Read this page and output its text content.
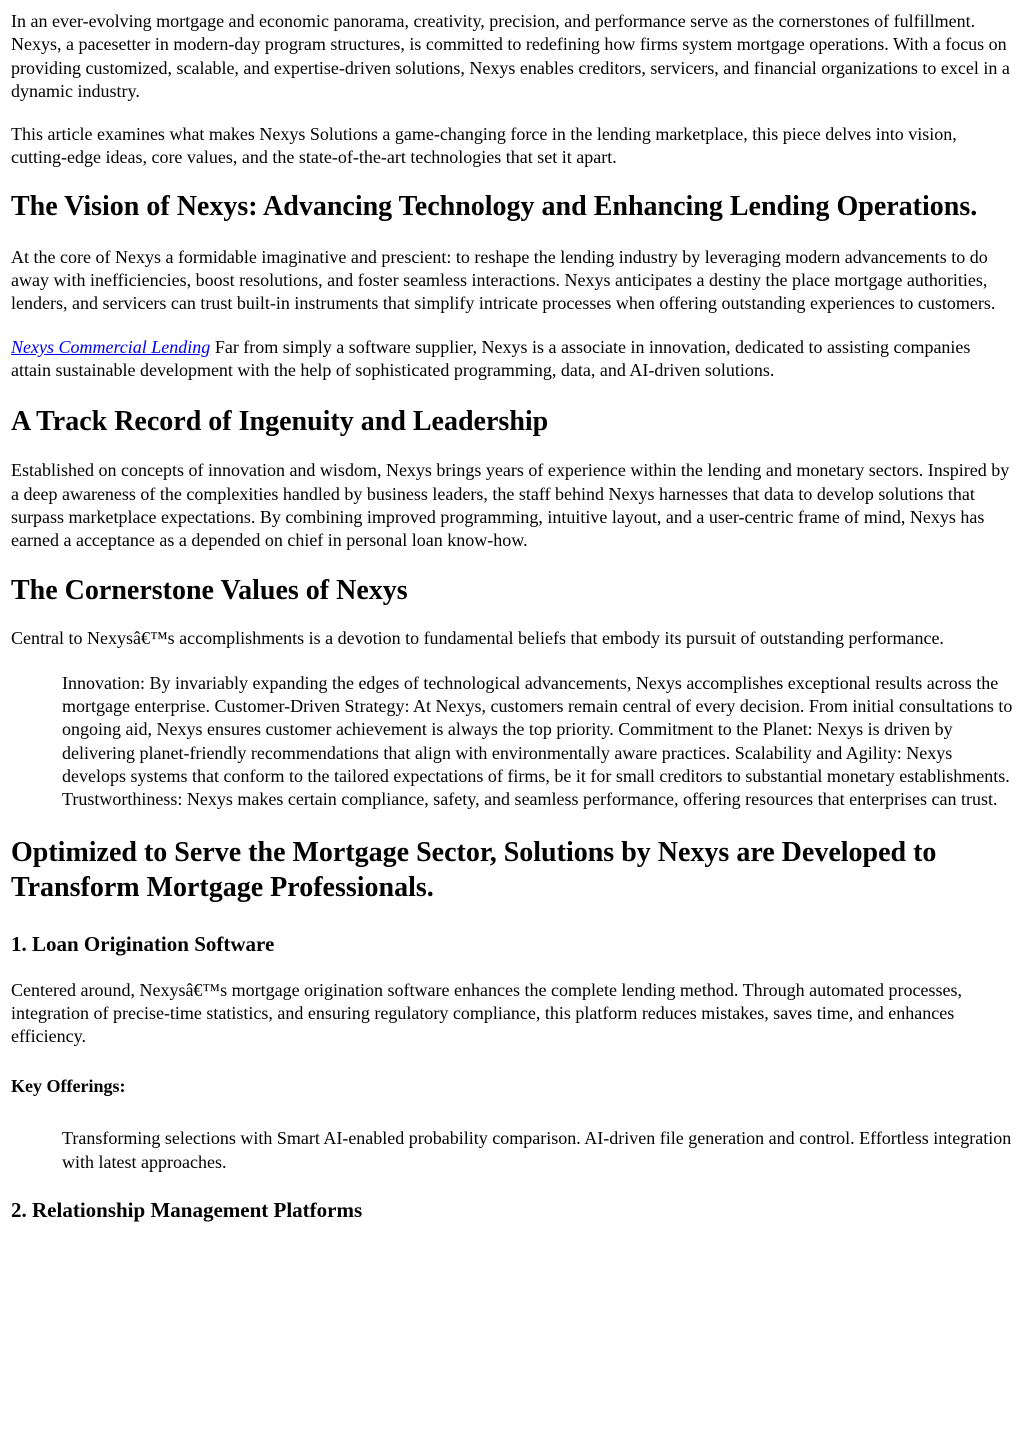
In an ever-evolving mortgage and economic panorama, creativity, precision, and performance serve as the cornerstones of fulfillment. Nexys, a pacesetter in modern-day program structures, is committed to redefining how firms system mortgage operations. With a focus on providing customized, scalable, and expertise-driven solutions, Nexys enables creditors, servicers, and financial organizations to excel in a dynamic industry.

This article examines what makes Nexys Solutions a game-changing force in the lending marketplace, this piece delves into vision, cutting-edge ideas, core values, and the state-of-the-art technologies that set it apart.

The Vision of Nexys: Advancing Technology and Enhancing Lending Operations.

At the core of Nexys a formidable imaginative and prescient: to reshape the lending industry by leveraging modern advancements to do away with inefficiencies, boost resolutions, and foster seamless interactions. Nexys anticipates a destiny the place mortgage authorities, lenders, and servicers can trust built-in instruments that simplify intricate processes when offering outstanding experiences to customers.

Nexys Commercial Lending Far from simply a software supplier, Nexys is a associate in innovation, dedicated to assisting companies attain sustainable development with the help of sophisticated programming, data, and AI-driven solutions.

A Track Record of Ingenuity and Leadership

Established on concepts of innovation and wisdom, Nexys brings years of experience within the lending and monetary sectors. Inspired by a deep awareness of the complexities handled by business leaders, the staff behind Nexys harnesses that data to develop solutions that surpass marketplace expectations. By combining improved programming, intuitive layout, and a user-centric frame of mind, Nexys has earned a acceptance as a depended on chief in personal loan know-how.

The Cornerstone Values of Nexys

Central to Nexysâ€™s accomplishments is a devotion to fundamental beliefs that embody its pursuit of outstanding performance.

Innovation: By invariably expanding the edges of technological advancements, Nexys accomplishes exceptional results across the mortgage enterprise. Customer-Driven Strategy: At Nexys, customers remain central of every decision. From initial consultations to ongoing aid, Nexys ensures customer achievement is always the top priority. Commitment to the Planet: Nexys is driven by delivering planet-friendly recommendations that align with environmentally aware practices. Scalability and Agility: Nexys develops systems that conform to the tailored expectations of firms, be it for small creditors to substantial monetary establishments. Trustworthiness: Nexys makes certain compliance, safety, and seamless performance, offering resources that enterprises can trust.
Optimized to Serve the Mortgage Sector, Solutions by Nexys are Developed to Transform Mortgage Professionals.
1. Loan Origination Software

Centered around, Nexysâ€™s mortgage origination software enhances the complete lending method. Through automated processes, integration of precise-time statistics, and ensuring regulatory compliance, this platform reduces mistakes, saves time, and enhances efficiency.

Key Offerings:
Transforming selections with Smart AI-enabled probability comparison. AI-driven file generation and control. Effortless integration with latest approaches.
2. Relationship Management Platforms
